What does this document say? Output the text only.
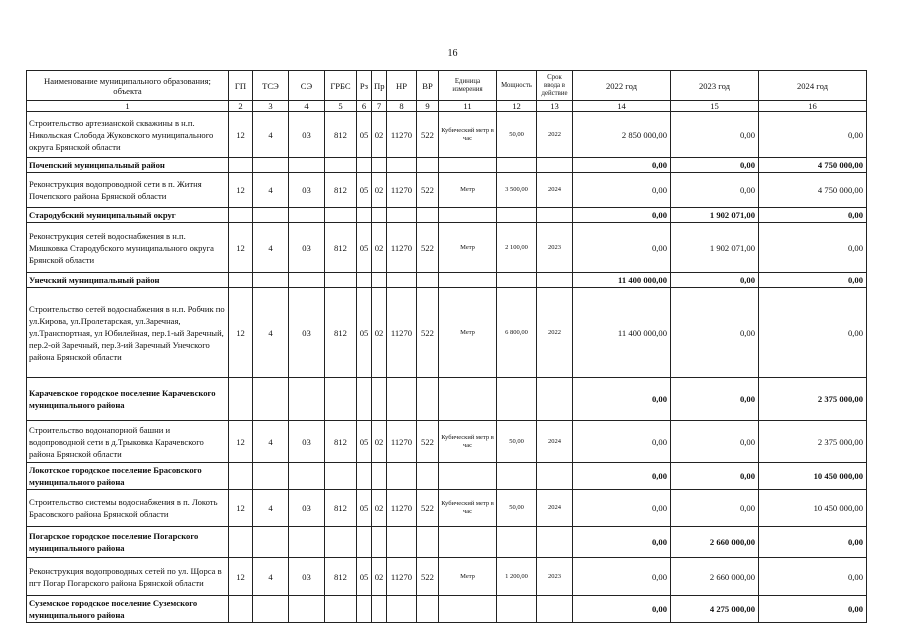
16
Наименование муниципального образования; объекта	ГП	ТСЭ	СЭ	ГРБС	Рз	Пр	НР	ВР	Единица измерения	Мощность	Срок ввода в действие	2022 год	2023 год	2024 год
1	2	3	4	5	6	7	8	9	11	12	13	14	15	16
Строительство артезианской скважины в н.п. Никольская Слобода Жуковского муниципального округа Брянской области	12	4	03	812	05	02	11270	522	Кубический метр в час	50,00	2022	2 850 000,00	0,00	0,00
Почепский муниципальный район												0,00	0,00	4 750 000,00
Реконструкция водопроводной сети в п. Житня Почепского района Брянской области	12	4	03	812	05	02	11270	522	Метр	3 500,00	2024	0,00	0,00	4 750 000,00
Стародубский муниципальный округ												0,00	1 902 071,00	0,00
Реконструкция сетей водоснабжения в н.п. Мишковка Стародубского муниципального округа Брянской области	12	4	03	812	05	02	11270	522	Метр	2 100,00	2023	0,00	1 902 071,00	0,00
Унечский муниципальный район												11 400 000,00	0,00	0,00
Строительство сетей водоснабжения в н.п. Робчик по ул.Кирова, ул.Пролетарская, ул.Заречная, ул.Транспортная, ул Юбилейная, пер.1-ый Заречный, пер.2-ой Заречный, пер.3-ий Заречный Унечского района Брянской области	12	4	03	812	05	02	11270	522	Метр	6 800,00	2022	11 400 000,00	0,00	0,00
Карачевское городское поселение Карачевского муниципального района												0,00	0,00	2 375 000,00
Строительство водонапорной башни и водопроводной сети в д.Трыковка Карачевского района Брянской области	12	4	03	812	05	02	11270	522	Кубический метр в час	50,00	2024	0,00	0,00	2 375 000,00
Локотское городское поселение Брасовского муниципального района												0,00	0,00	10 450 000,00
Строительство системы водоснабжения в п. Локоть Брасовского района Брянской области	12	4	03	812	05	02	11270	522	Кубический метр в час	50,00	2024	0,00	0,00	10 450 000,00
Погарское городское поселение Погарского муниципального района												0,00	2 660 000,00	0,00
Реконструкция водопроводных сетей по ул. Щорса в пгт Погар Погарского района Брянской области	12	4	03	812	05	02	11270	522	Метр	1 200,00	2023	0,00	2 660 000,00	0,00
Суземское городское поселение Суземского муниципального района												0,00	4 275 000,00	0,00
